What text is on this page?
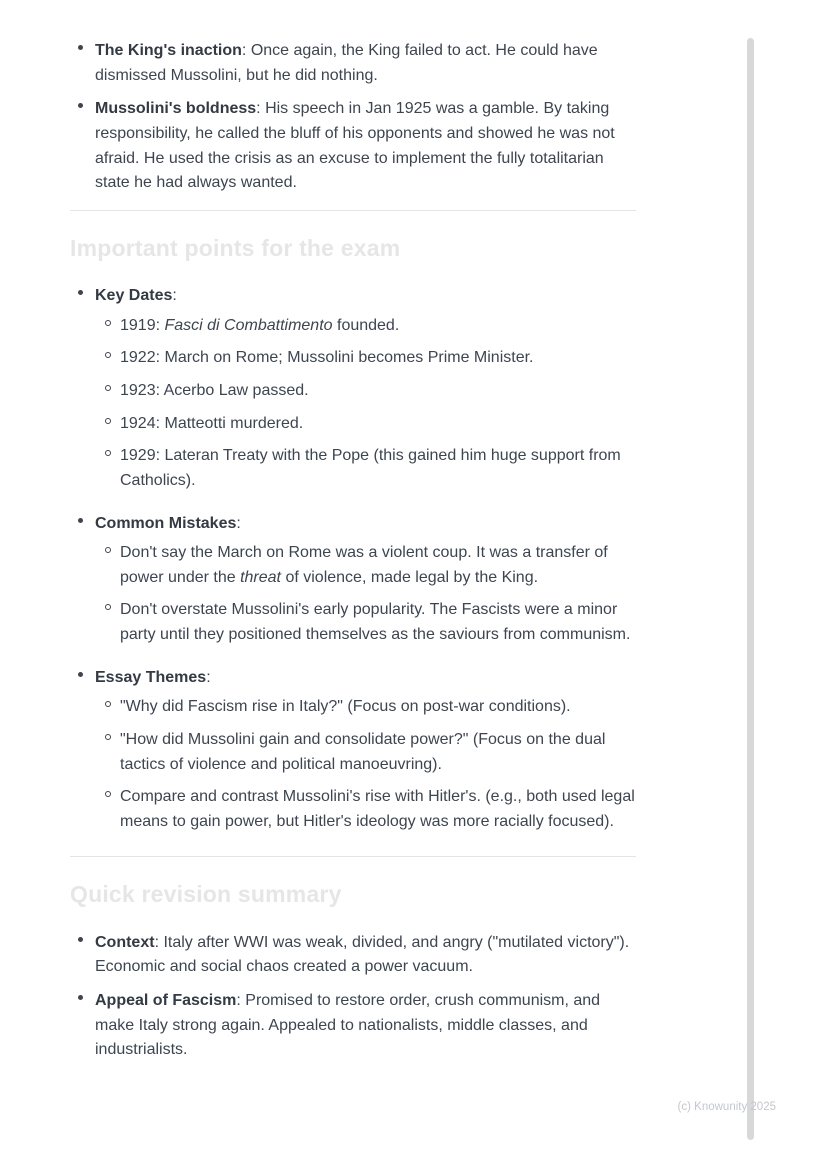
The King's inaction: Once again, the King failed to act. He could have dismissed Mussolini, but he did nothing.
Mussolini's boldness: His speech in Jan 1925 was a gamble. By taking responsibility, he called the bluff of his opponents and showed he was not afraid. He used the crisis as an excuse to implement the fully totalitarian state he had always wanted.
Important points for the exam
Key Dates:
1919: Fasci di Combattimento founded.
1922: March on Rome; Mussolini becomes Prime Minister.
1923: Acerbo Law passed.
1924: Matteotti murdered.
1929: Lateran Treaty with the Pope (this gained him huge support from Catholics).
Common Mistakes:
Don't say the March on Rome was a violent coup. It was a transfer of power under the threat of violence, made legal by the King.
Don't overstate Mussolini's early popularity. The Fascists were a minor party until they positioned themselves as the saviours from communism.
Essay Themes:
"Why did Fascism rise in Italy?" (Focus on post-war conditions).
"How did Mussolini gain and consolidate power?" (Focus on the dual tactics of violence and political manoeuvring).
Compare and contrast Mussolini's rise with Hitler's. (e.g., both used legal means to gain power, but Hitler's ideology was more racially focused).
Quick revision summary
Context: Italy after WWI was weak, divided, and angry ("mutilated victory"). Economic and social chaos created a power vacuum.
Appeal of Fascism: Promised to restore order, crush communism, and make Italy strong again. Appealed to nationalists, middle classes, and industrialists.
(c) Knowunity 2025
